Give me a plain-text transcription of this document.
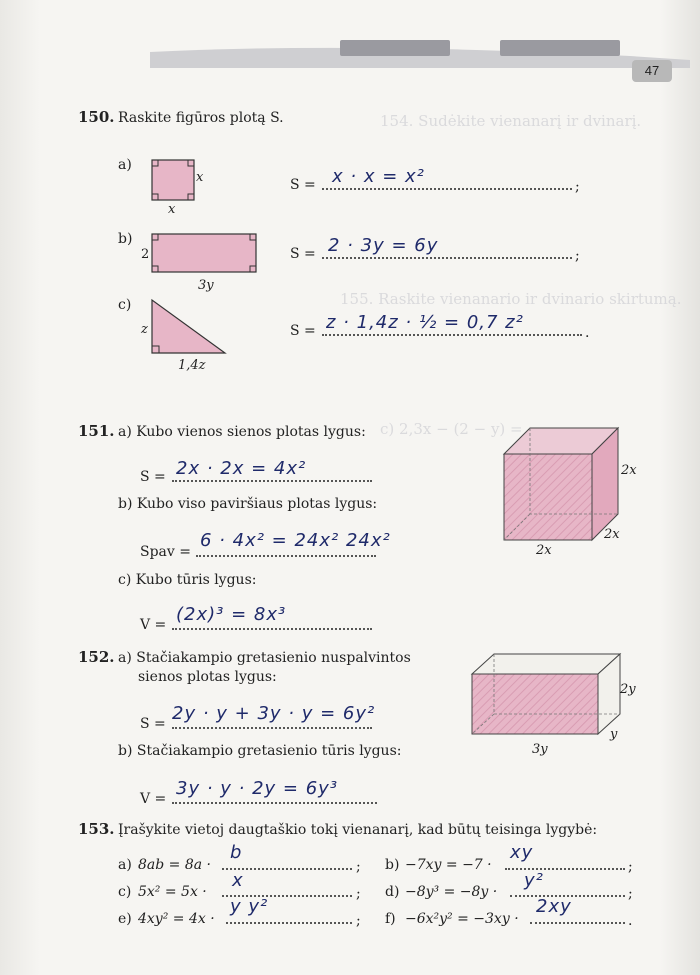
47
154. Sudėkite vienanarį ir dvinarį.
155. Raskite vienanario ir dvinario skirtumą.
c) 2,3x − (2 − y) =
150. Raskite figūros plotą S.
a)
x
x
S = x · x = x²	;
b)
2
3y
S = 2 · 3y = 6y	;
c)
z
1,4z
S = z · 1,4z · ½ = 0,7 z²	.
151. a) Kubo vienos sienos plotas lygus:
S = 2x · 2x = 4x²
b) Kubo viso paviršiaus plotas lygus:
Spav =
6 · 4x² = 24x² 24x²
c) Kubo tūris lygus:
V = (2x)³ = 8x³
2x
2x
2x
152. a) Stačiakampio gretasienio nuspalvintos
sienos plotas lygus:
S = 2y · y + 3y · y = 6y²
b) Stačiakampio gretasienio tūris lygus:
V = 3y · y · 2y = 6y³
2y
y
3y
153. Įrašykite vietoj daugtaškio tokį vienanarį, kad būtų teisinga lygybė:
a) 8ab = 8a ·
b
; b) −7xy = −7 ·
xy
;
c) 5x² = 5x ·
x
; d) −8y³ = −8y ·
y²
;
e) 4xy² = 4x ·
y y²
; f) −6x²y² = −3xy ·
2xy
.
